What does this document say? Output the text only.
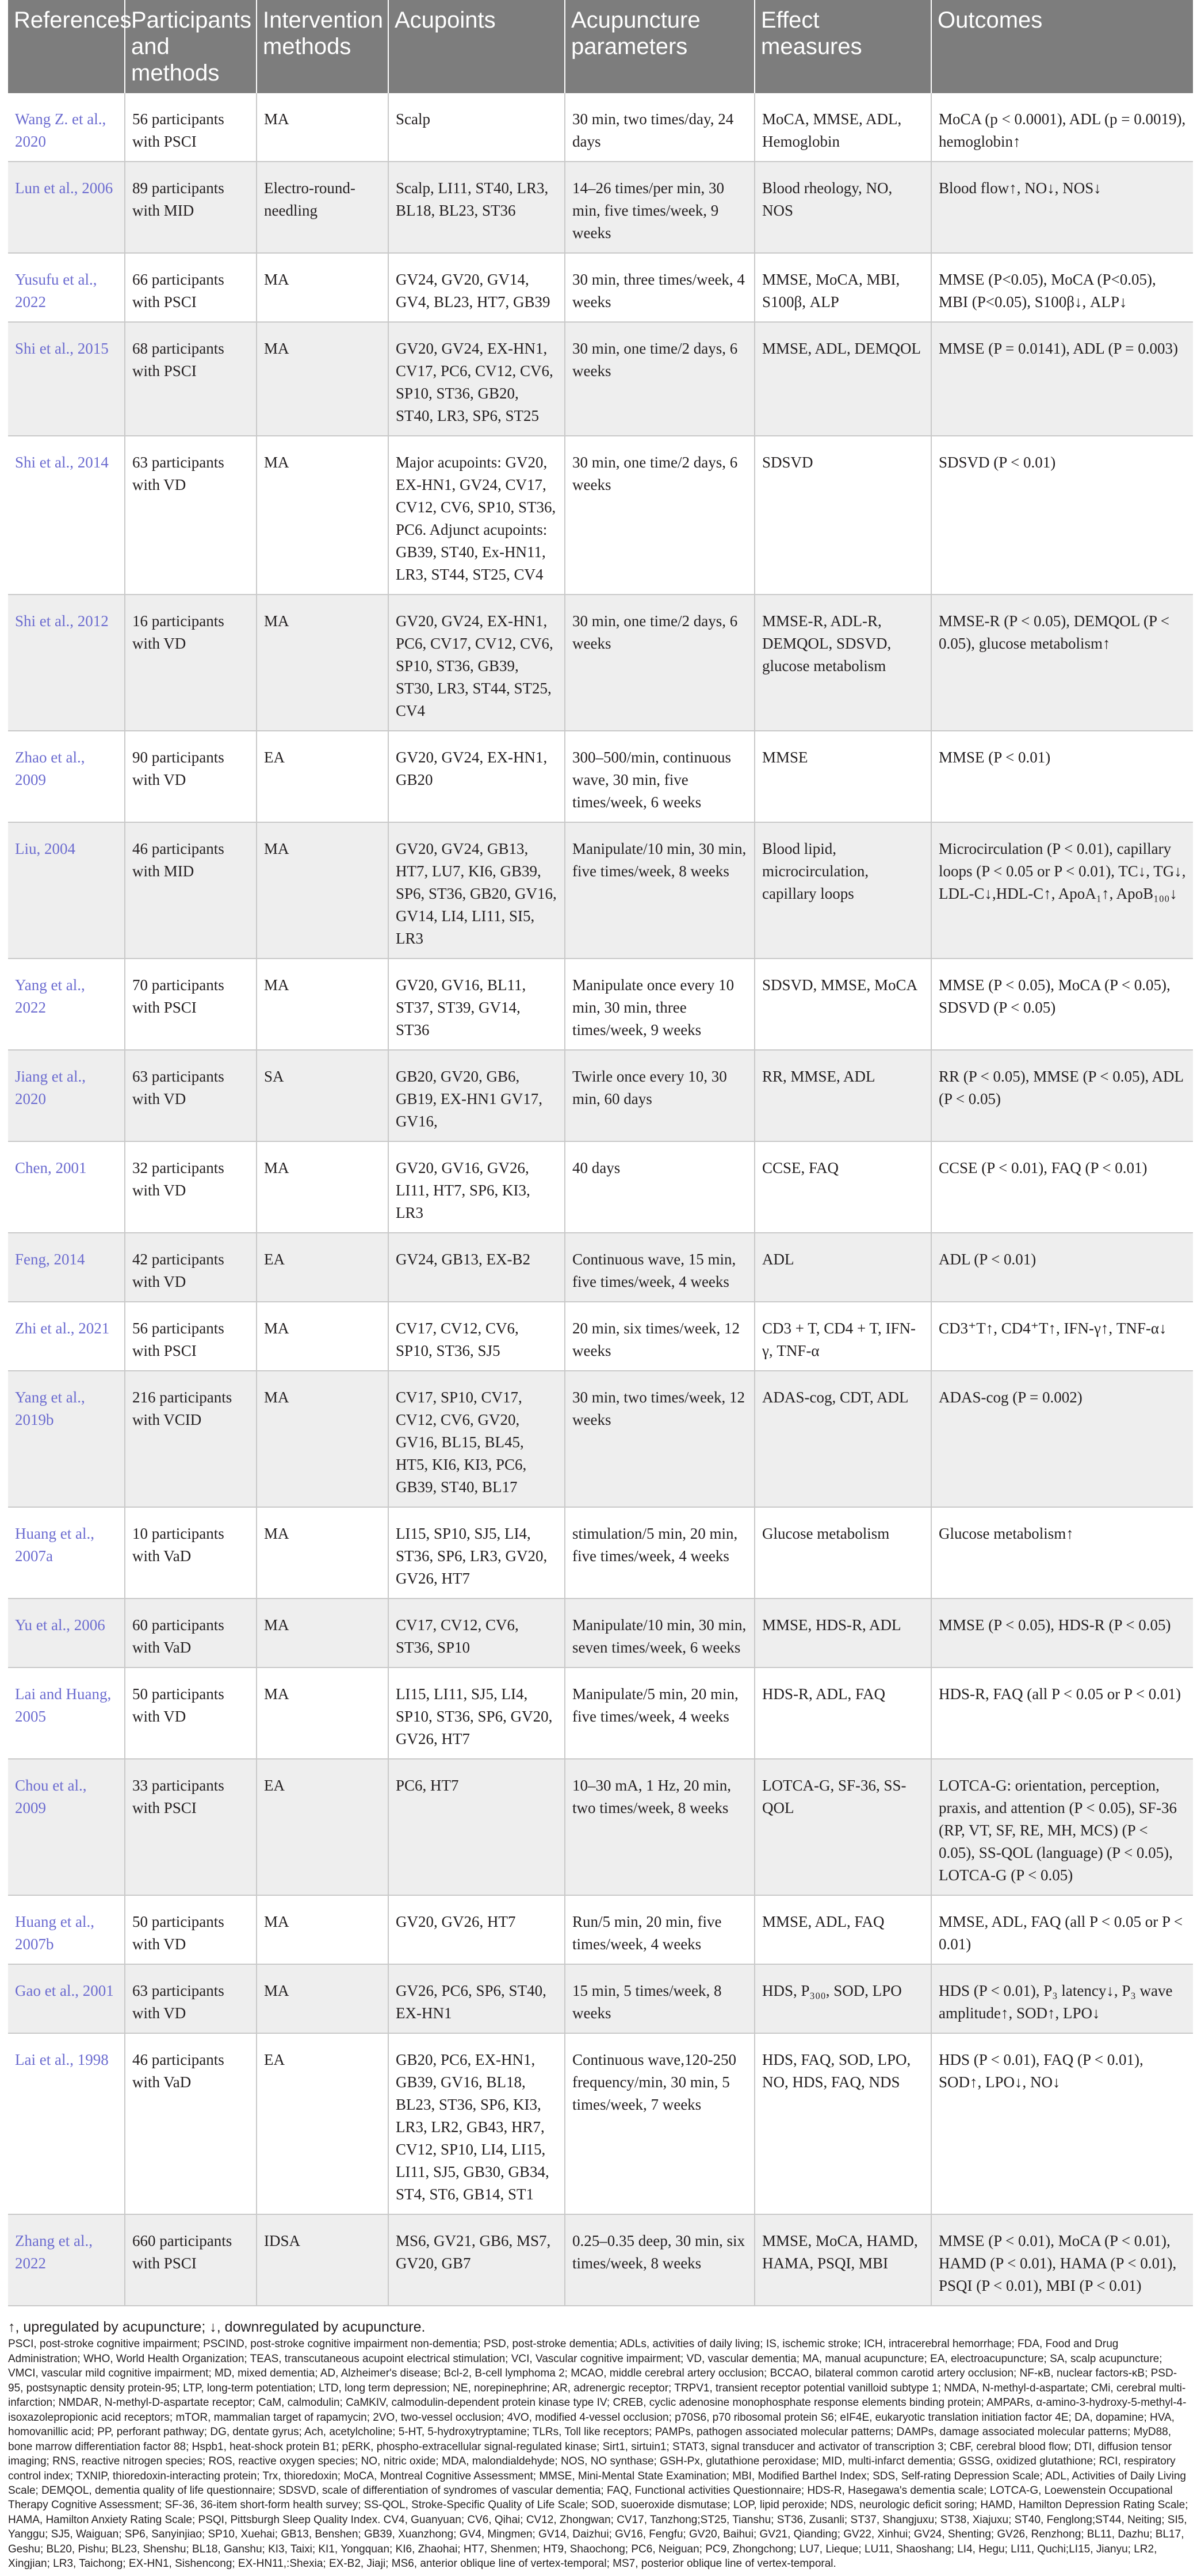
References	Participants and methods	Intervention methods	Acupoints	Acupuncture parameters	Effect measures	Outcomes
Wang Z. et al., 2020	56 participants with PSCI	MA	Scalp	30 min, two times/day, 24 days	MoCA, MMSE, ADL, Hemoglobin	MoCA (p < 0.0001), ADL (p = 0.0019), hemoglobin↑
Lun et al., 2006	89 participants with MID	Electro-round-needling	Scalp, LI11, ST40, LR3, BL18, BL23, ST36	14–26 times/per min, 30 min, five times/week, 9 weeks	Blood rheology, NO, NOS	Blood flow↑, NO↓, NOS↓
Yusufu et al., 2022	66 participants with PSCI	MA	GV24, GV20, GV14, GV4, BL23, HT7, GB39	30 min, three times/week, 4 weeks	MMSE, MoCA, MBI, S100β, ALP	MMSE (P<0.05), MoCA (P<0.05), MBI (P<0.05), S100β↓, ALP↓
Shi et al., 2015	68 participants with PSCI	MA	GV20, GV24, EX-HN1, CV17, PC6, CV12, CV6, SP10, ST36, GB20, ST40, LR3, SP6, ST25	30 min, one time/2 days, 6 weeks	MMSE, ADL, DEMQOL	MMSE (P = 0.0141), ADL (P = 0.003)
Shi et al., 2014	63 participants with VD	MA	Major acupoints: GV20, EX-HN1, GV24, CV17, CV12, CV6, SP10, ST36, PC6. Adjunct acupoints: GB39, ST40, Ex-HN11, LR3, ST44, ST25, CV4	30 min, one time/2 days, 6 weeks	SDSVD	SDSVD (P < 0.01)
Shi et al., 2012	16 participants with VD	MA	GV20, GV24, EX-HN1, PC6, CV17, CV12, CV6, SP10, ST36, GB39, ST30, LR3, ST44, ST25, CV4	30 min, one time/2 days, 6 weeks	MMSE-R, ADL-R, DEMQOL, SDSVD, glucose metabolism	MMSE-R (P < 0.05), DEMQOL (P < 0.05), glucose metabolism↑
Zhao et al., 2009	90 participants with VD	EA	GV20, GV24, EX-HN1, GB20	300–500/min, continuous wave, 30 min, five times/week, 6 weeks	MMSE	MMSE (P < 0.01)
Liu, 2004	46 participants with MID	MA	GV20, GV24, GB13, HT7, LU7, KI6, GB39, SP6, ST36, GB20, GV16, GV14, LI4, LI11, SI5, LR3	Manipulate/10 min, 30 min, five times/week, 8 weeks	Blood lipid, microcirculation, capillary loops	Microcirculation (P < 0.01), capillary loops (P < 0.05 or P < 0.01), TC↓, TG↓, LDL-C↓,HDL-C↑, ApoA₁↑, ApoB₁₀₀↓
Yang et al., 2022	70 participants with PSCI	MA	GV20, GV16, BL11, ST37, ST39, GV14, ST36	Manipulate once every 10 min, 30 min, three times/week, 9 weeks	SDSVD, MMSE, MoCA	MMSE (P < 0.05), MoCA (P < 0.05), SDSVD (P < 0.05)
Jiang et al., 2020	63 participants with VD	SA	GB20, GV20, GB6, GB19, EX-HN1 GV17, GV16,	Twirle once every 10, 30 min, 60 days	RR, MMSE, ADL	RR (P < 0.05), MMSE (P < 0.05), ADL (P < 0.05)
Chen, 2001	32 participants with VD	MA	GV20, GV16, GV26, LI11, HT7, SP6, KI3, LR3	40 days	CCSE, FAQ	CCSE (P < 0.01), FAQ (P < 0.01)
Feng, 2014	42 participants with VD	EA	GV24, GB13, EX-B2	Continuous wave, 15 min, five times/week, 4 weeks	ADL	ADL (P < 0.01)
Zhi et al., 2021	56 participants with PSCI	MA	CV17, CV12, CV6, SP10, ST36, SJ5	20 min, six times/week, 12 weeks	CD3 + T, CD4 + T, IFN-γ, TNF-α	CD3⁺T↑, CD4⁺T↑, IFN-γ↑, TNF-α↓
Yang et al., 2019b	216 participants with VCID	MA	CV17, SP10, CV17, CV12, CV6, GV20, GV16, BL15, BL45, HT5, KI6, KI3, PC6, GB39, ST40, BL17	30 min, two times/week, 12 weeks	ADAS-cog, CDT, ADL	ADAS-cog (P = 0.002)
Huang et al., 2007a	10 participants with VaD	MA	LI15, SP10, SJ5, LI4, ST36, SP6, LR3, GV20, GV26, HT7	stimulation/5 min, 20 min, five times/week, 4 weeks	Glucose metabolism	Glucose metabolism↑
Yu et al., 2006	60 participants with VaD	MA	CV17, CV12, CV6, ST36, SP10	Manipulate/10 min, 30 min, seven times/week, 6 weeks	MMSE, HDS-R, ADL	MMSE (P < 0.05), HDS-R (P < 0.05)
Lai and Huang, 2005	50 participants with VD	MA	LI15, LI11, SJ5, LI4, SP10, ST36, SP6, GV20, GV26, HT7	Manipulate/5 min, 20 min, five times/week, 4 weeks	HDS-R, ADL, FAQ	HDS-R, FAQ (all P < 0.05 or P < 0.01)
Chou et al., 2009	33 participants with PSCI	EA	PC6, HT7	10–30 mA, 1 Hz, 20 min, two times/week, 8 weeks	LOTCA-G, SF-36, SS-QOL	LOTCA-G: orientation, perception, praxis, and attention (P < 0.05), SF-36 (RP, VT, SF, RE, MH, MCS) (P < 0.05), SS-QOL (language) (P < 0.05), LOTCA-G (P < 0.05)
Huang et al., 2007b	50 participants with VD	MA	GV20, GV26, HT7	Run/5 min, 20 min, five times/week, 4 weeks	MMSE, ADL, FAQ	MMSE, ADL, FAQ (all P < 0.05 or P < 0.01)
Gao et al., 2001	63 participants with VD	MA	GV26, PC6, SP6, ST40, EX-HN1	15 min, 5 times/week, 8 weeks	HDS, P₃₀₀, SOD, LPO	HDS (P < 0.01), P₃ latency↓, P₃ wave amplitude↑, SOD↑, LPO↓
Lai et al., 1998	46 participants with VaD	EA	GB20, PC6, EX-HN1, GB39, GV16, BL18, BL23, ST36, SP6, KI3, LR3, LR2, GB43, HR7, CV12, SP10, LI4, LI15, LI11, SJ5, GB30, GB34, ST4, ST6, GB14, ST1	Continuous wave,120-250 frequency/min, 30 min, 5 times/week, 7 weeks	HDS, FAQ, SOD, LPO, NO, HDS, FAQ, NDS	HDS (P < 0.01), FAQ (P < 0.01), SOD↑, LPO↓, NO↓
Zhang et al., 2022	660 participants with PSCI	IDSA	MS6, GV21, GB6, MS7, GV20, GB7	0.25–0.35 deep, 30 min, six times/week, 8 weeks	MMSE, MoCA, HAMD, HAMA, PSQI, MBI	MMSE (P < 0.01), MoCA (P < 0.01), HAMD (P < 0.01), HAMA (P < 0.01), PSQI (P < 0.01), MBI (P < 0.01)

↑, upregulated by acupuncture; ↓, downregulated by acupuncture.

PSCI, post-stroke cognitive impairment; PSCIND, post-stroke cognitive impairment non-dementia; PSD, post-stroke dementia; ADLs, activities of daily living; IS, ischemic stroke; ICH, intracerebral hemorrhage; FDA, Food and Drug Administration; WHO, World Health Organization; TEAS, transcutaneous acupoint electrical stimulation; VCI, Vascular cognitive impairment; VD, vascular dementia; MA, manual acupuncture; EA, electroacupuncture; SA, scalp acupuncture; VMCI, vascular mild cognitive impairment; MD, mixed dementia; AD, Alzheimer's disease; Bcl-2, B-cell lymphoma 2; MCAO, middle cerebral artery occlusion; BCCAO, bilateral common carotid artery occlusion; NF-κB, nuclear factors-κB; PSD-95, postsynaptic density protein-95; LTP, long-term potentiation; LTD, long term depression; NE, norepinephrine; AR, adrenergic receptor; TRPV1, transient receptor potential vanilloid subtype 1; NMDA, N-methyl-d-aspartate; CMi, cerebral multi-infarction; NMDAR, N-methyl-D-aspartate receptor; CaM, calmodulin; CaMKIV, calmodulin-dependent protein kinase type IV; CREB, cyclic adenosine monophosphate response elements binding protein; AMPARs, α-amino-3-hydroxy-5-methyl-4-isoxazolepropionic acid receptors; mTOR, mammalian target of rapamycin; 2VO, two-vessel occlusion; 4VO, modified 4-vessel occlusion; p70S6, p70 ribosomal protein S6; eIF4E, eukaryotic translation initiation factor 4E; DA, dopamine; HVA, homovanillic acid; PP, perforant pathway; DG, dentate gyrus; Ach, acetylcholine; 5-HT, 5-hydroxytryptamine; TLRs, Toll like receptors; PAMPs, pathogen associated molecular patterns; DAMPs, damage associated molecular patterns; MyD88, bone marrow differentiation factor 88; Hspb1, heat-shock protein B1; pERK, phospho-extracellular signal-regulated kinase; Sirt1, sirtuin1; STAT3, signal transducer and activator of transcription 3; CBF, cerebral blood flow; DTI, diffusion tensor imaging; RNS, reactive nitrogen species; ROS, reactive oxygen species; NO, nitric oxide; MDA, malondialdehyde; NOS, NO synthase; GSH-Px, glutathione peroxidase; MID, multi-infarct dementia; GSSG, oxidized glutathione; RCI, respiratory control index; TXNIP, thioredoxin-interacting protein; Trx, thioredoxin; MoCA, Montreal Cognitive Assessment; MMSE, Mini-Mental State Examination; MBI, Modified Barthel Index; SDS, Self-rating Depression Scale; ADL, Activities of Daily Living Scale; DEMQOL, dementia quality of life questionnaire; SDSVD, scale of differentiation of syndromes of vascular dementia; FAQ, Functional activities Questionnaire; HDS-R, Hasegawa's dementia scale; LOTCA-G, Loewenstein Occupational Therapy Cognitive Assessment; SF-36, 36-item short-form health survey; SS-QOL, Stroke-Specific Quality of Life Scale; SOD, suoeroxide dismutase; LOP, lipid peroxide; NDS, neurologic deficit soring; HAMD, Hamilton Depression Rating Scale; HAMA, Hamilton Anxiety Rating Scale; PSQI, Pittsburgh Sleep Quality Index. CV4, Guanyuan; CV6, Qihai; CV12, Zhongwan; CV17, Tanzhong;ST25, Tianshu; ST36, Zusanli; ST37, Shangjuxu; ST38, Xiajuxu; ST40, Fenglong;ST44, Neiting; SI5, Yanggu; SJ5, Waiguan; SP6, Sanyinjiao; SP10, Xuehai; GB13, Benshen; GB39, Xuanzhong; GV4, Mingmen; GV14, Daizhui; GV16, Fengfu; GV20, Baihui; GV21, Qianding; GV22, Xinhui; GV24, Shenting; GV26, Renzhong; BL11, Dazhu; BL17, Geshu; BL20, Pishu; BL23, Shenshu; BL18, Ganshu; KI3, Taixi; KI1, Yongquan; KI6, Zhaohai; HT7, Shenmen; HT9, Shaochong; PC6, Neiguan; PC9, Zhongchong; LU7, Lieque; LU11, Shaoshang; LI4, Hegu; LI11, Quchi;LI15, Jianyu; LR2, Xingjian; LR3, Taichong; EX-HN1, Sishencong; EX-HN11,:Shexia; EX-B2, Jiaji; MS6, anterior oblique line of vertex-temporal; MS7, posterior oblique line of vertex-temporal.
